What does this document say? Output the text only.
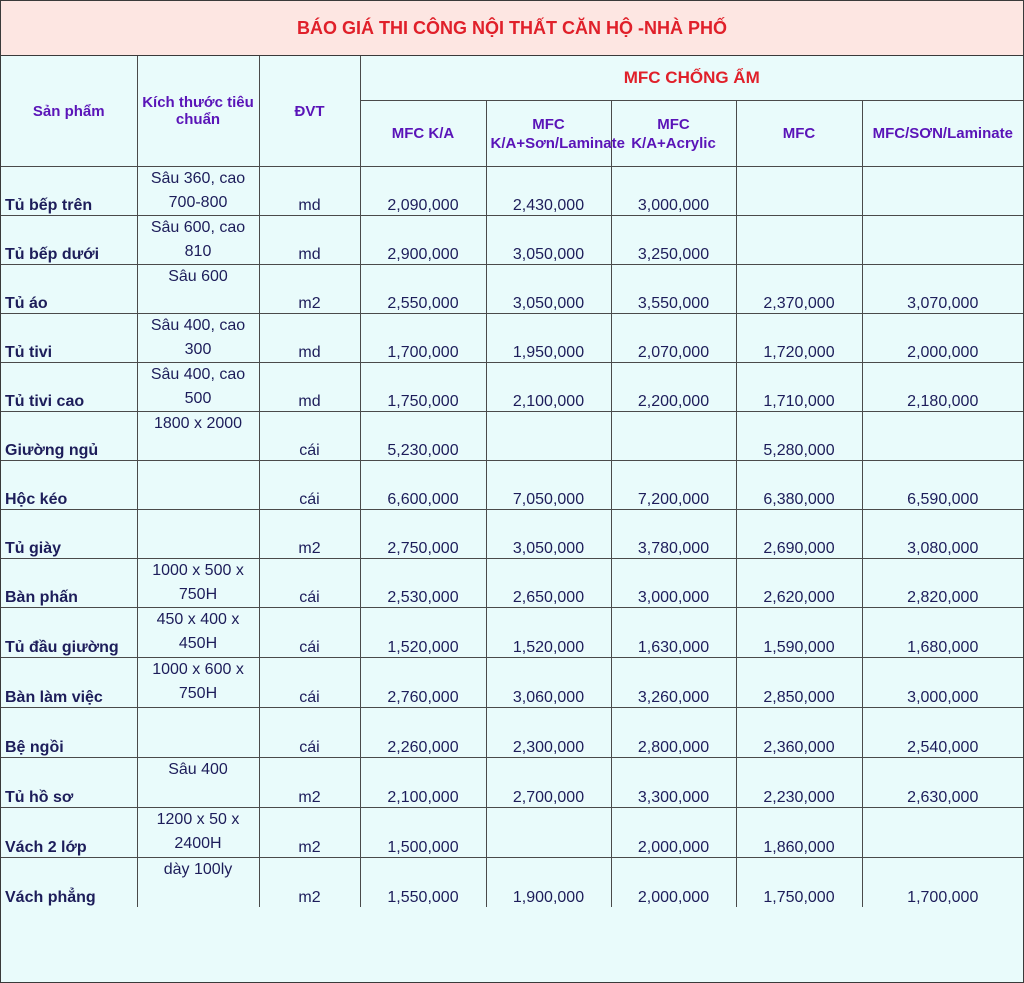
BÁO GIÁ THI CÔNG NỘI THẤT CĂN HỘ -NHÀ PHỐ
Sản phẩm	Kích thước tiêu chuẩn	ĐVT	MFC CHỐNG ẨM				
			MFC K/A	MFC K/A+Sơn/Laminate	MFC K/A+Acrylic	MFC	MFC/SƠN/Laminate
Tủ bếp trên	Sâu 360, cao 700-800	md	2,090,000	2,430,000	3,000,000		
Tủ bếp dưới	Sâu 600, cao 810	md	2,900,000	3,050,000	3,250,000		
Tủ áo	Sâu 600	m2	2,550,000	3,050,000	3,550,000	2,370,000	3,070,000
Tủ tivi	Sâu 400, cao 300	md	1,700,000	1,950,000	2,070,000	1,720,000	2,000,000
Tủ tivi cao	Sâu 400, cao 500	md	1,750,000	2,100,000	2,200,000	1,710,000	2,180,000
Giường ngủ	1800 x 2000	cái	5,230,000			5,280,000	
Hộc kéo		cái	6,600,000	7,050,000	7,200,000	6,380,000	6,590,000
Tủ giày		m2	2,750,000	3,050,000	3,780,000	2,690,000	3,080,000
Bàn phấn	1000 x 500 x 750H	cái	2,530,000	2,650,000	3,000,000	2,620,000	2,820,000
Tủ đầu giường	450 x 400 x 450H	cái	1,520,000	1,520,000	1,630,000	1,590,000	1,680,000
Bàn làm việc	1000 x 600 x 750H	cái	2,760,000	3,060,000	3,260,000	2,850,000	3,000,000
Bệ ngồi		cái	2,260,000	2,300,000	2,800,000	2,360,000	2,540,000
Tủ hồ sơ	Sâu 400	m2	2,100,000	2,700,000	3,300,000	2,230,000	2,630,000
Vách 2 lớp	1200 x 50 x 2400H	m2	1,500,000		2,000,000	1,860,000	
Vách phẳng	dày 100ly	m2	1,550,000	1,900,000	2,000,000	1,750,000	1,700,000
